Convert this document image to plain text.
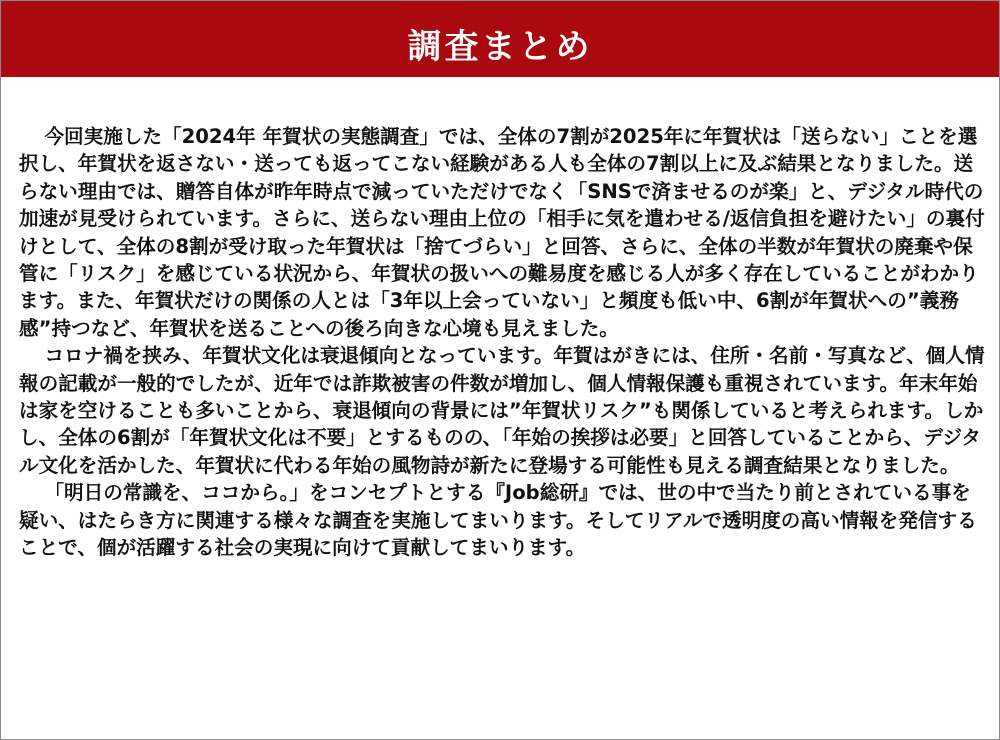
調査まとめ

今回実施した「2024年 年賀状の実態調査」では、全体の7割が2025年に年賀状は「送らない」ことを選択し、年賀状を返さない・送っても返ってこない経験がある人も全体の7割以上に及ぶ結果となりました。送らない理由では、贈答自体が昨年時点で減っていただけでなく「SNSで済ませるのが楽」と、デジタル時代の加速が見受けられています。さらに、送らない理由上位の「相手に気を遣わせる/返信負担を避けたい」の裏付けとして、全体の8割が受け取った年賀状は「捨てづらい」と回答、さらに、全体の半数が年賀状の廃棄や保管に「リスク」を感じている状況から、年賀状の扱いへの難易度を感じる人が多く存在していることがわかります。また、年賀状だけの関係の人とは「3年以上会っていない」と頻度も低い中、6割が年賀状への”義務感”持つなど、年賀状を送ることへの後ろ向きな心境も見えました。

コロナ禍を挟み、年賀状文化は衰退傾向となっています。年賀はがきには、住所・名前・写真など、個人情報の記載が一般的でしたが、近年では詐欺被害の件数が増加し、個人情報保護も重視されています。年末年始は家を空けることも多いことから、衰退傾向の背景には”年賀状リスク”も関係していると考えられます。しかし、全体の6割が「年賀状文化は不要」とするものの、「年始の挨拶は必要」と回答していることから、デジタル文化を活かした、年賀状に代わる年始の風物詩が新たに登場する可能性も見える調査結果となりました。

「明日の常識を、ココから。」をコンセプトとする『Job総研』では、世の中で当たり前とされている事を疑い、はたらき方に関連する様々な調査を実施してまいります。そしてリアルで透明度の高い情報を発信することで、個が活躍する社会の実現に向けて貢献してまいります。
